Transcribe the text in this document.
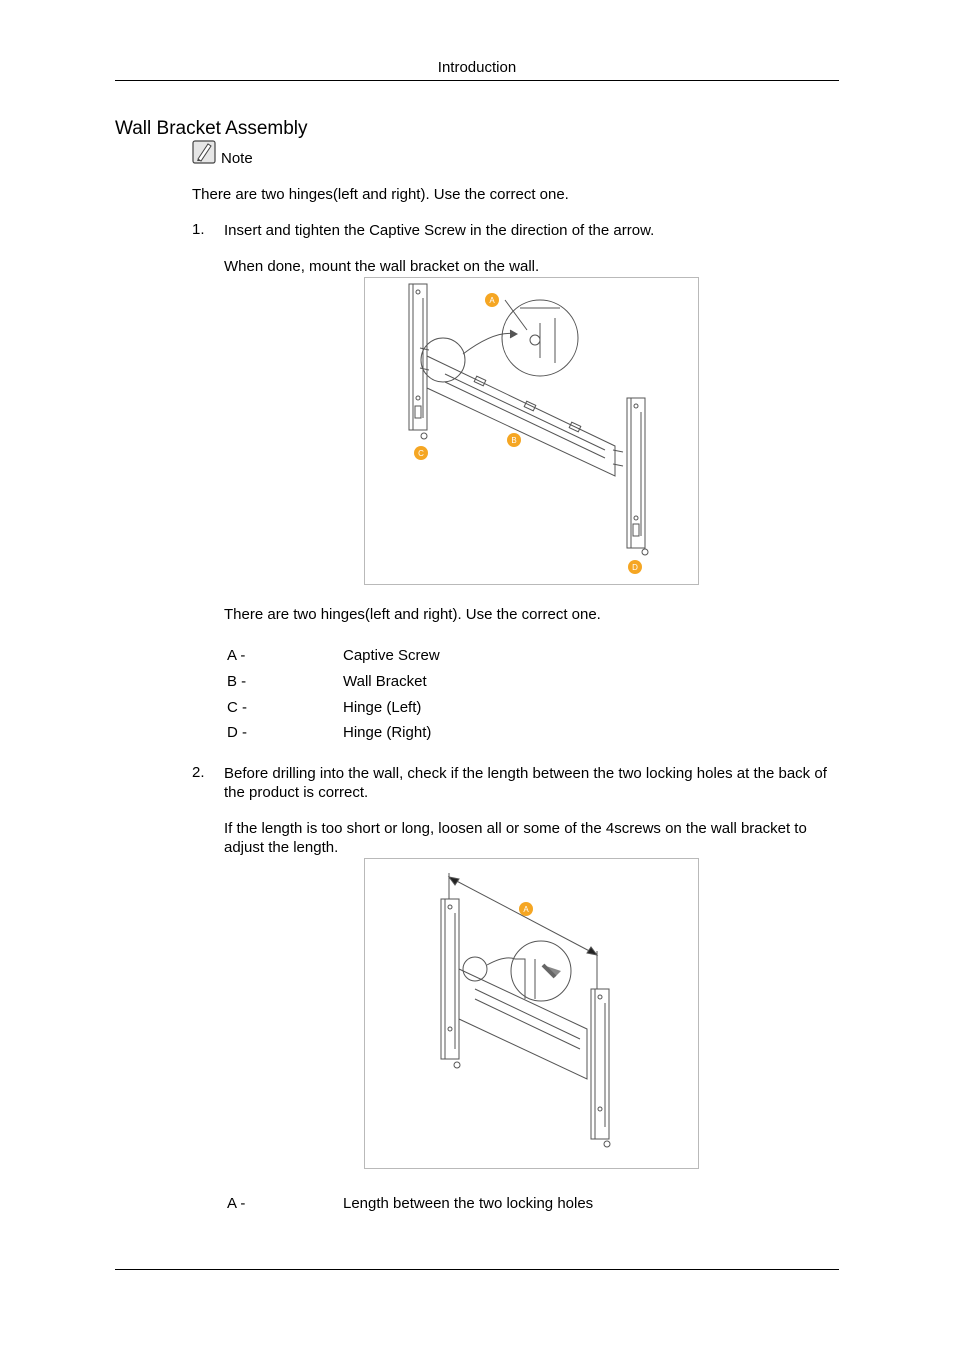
Introduction
Wall Bracket Assembly
Note
There are two hinges(left and right). Use the correct one.
1. Insert and tighten the Captive Screw in the direction of the arrow.
When done, mount the wall bracket on the wall.
A
B
C
D
There are two hinges(left and right). Use the correct one.
A -	Captive Screw
B -	Wall Bracket
C -	Hinge (Left)
D -	Hinge (Right)
2. Before drilling into the wall, check if the length between the two locking holes at the back of the product is correct.
If the length is too short or long, loosen all or some of the 4screws on the wall bracket to adjust the length.
A
A -	Length between the two locking holes
